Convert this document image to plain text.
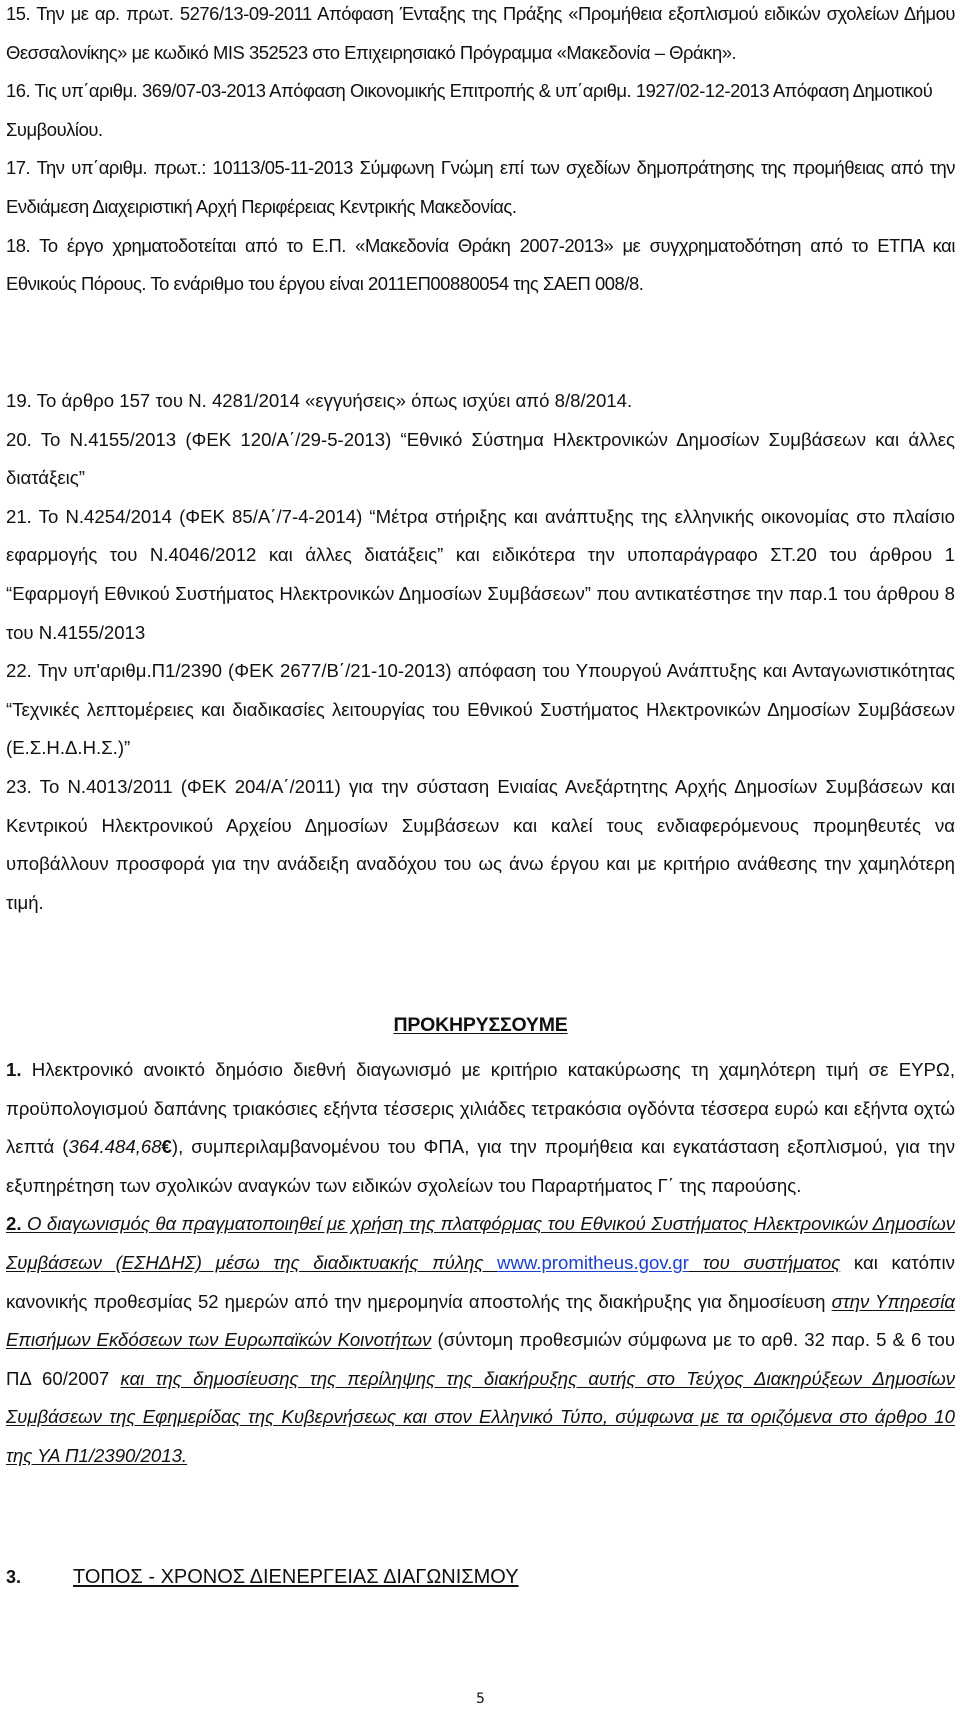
15. Την με αρ. πρωτ. 5276/13-09-2011 Απόφαση Ένταξης της Πράξης «Προμήθεια εξοπλισμού ειδικών σχολείων Δήμου Θεσσαλονίκης» με κωδικό MIS 352523 στο Επιχειρησιακό Πρόγραμμα «Μακεδονία – Θράκη».

16. Τις υπ΄αριθμ. 369/07-03-2013 Απόφαση Οικονομικής Επιτροπής & υπ΄αριθμ. 1927/02-12-2013 Απόφαση Δημοτικού Συμβουλίου.

17. Την υπ΄αριθμ. πρωτ.: 10113/05-11-2013 Σύμφωνη Γνώμη επί των σχεδίων δημοπράτησης της προμήθειας από την Ενδιάμεση Διαχειριστική Αρχή Περιφέρειας Κεντρικής Μακεδονίας.

18. Το έργο χρηματοδοτείται από το Ε.Π. «Μακεδονία Θράκη 2007-2013» με συγχρηματοδότηση από το ΕΤΠΑ και Εθνικούς Πόρους. Το ενάριθμο του έργου είναι 2011ΕΠ00880054 της ΣΑΕΠ 008/8.

19. Το άρθρο 157 του Ν. 4281/2014 «εγγυήσεις» όπως ισχύει από 8/8/2014.

20. Το Ν.4155/2013 (ΦΕΚ 120/Α΄/29-5-2013) “Εθνικό Σύστημα Ηλεκτρονικών Δημοσίων Συμβάσεων και άλλες διατάξεις”

21. Το Ν.4254/2014 (ΦΕΚ 85/Α΄/7-4-2014) “Μέτρα στήριξης και ανάπτυξης της ελληνικής οικονομίας στο πλαίσιο εφαρμογής του Ν.4046/2012 και άλλες διατάξεις” και ειδικότερα την υποπαράγραφο ΣΤ.20 του άρθρου 1 “Εφαρμογή Εθνικού Συστήματος Ηλεκτρονικών Δημοσίων Συμβάσεων” που αντικατέστησε την παρ.1 του άρθρου 8 του Ν.4155/2013

22. Την υπ'αριθμ.Π1/2390 (ΦΕΚ 2677/Β΄/21-10-2013) απόφαση του Υπουργού Ανάπτυξης και Ανταγωνιστικότητας “Τεχνικές λεπτομέρειες και διαδικασίες λειτουργίας του Εθνικού Συστήματος Ηλεκτρονικών Δημοσίων Συμβάσεων (Ε.Σ.Η.Δ.Η.Σ.)”

23. Το Ν.4013/2011 (ΦΕΚ 204/Α΄/2011) για την σύσταση Ενιαίας Ανεξάρτητης Αρχής Δημοσίων Συμβάσεων και Κεντρικού Ηλεκτρονικού Αρχείου Δημοσίων Συμβάσεων και καλεί τους ενδιαφερόμενους προμηθευτές να υποβάλλουν προσφορά για την ανάδειξη αναδόχου του ως άνω έργου και με κριτήριο ανάθεσης την χαμηλότερη τιμή.

ΠΡΟΚΗΡΥΣΣΟΥΜΕ

1. Ηλεκτρονικό ανοικτό δημόσιο διεθνή διαγωνισμό με κριτήριο κατακύρωσης τη χαμηλότερη τιμή σε ΕΥΡΩ, προϋπολογισμού δαπάνης τριακόσιες εξήντα τέσσερις χιλιάδες τετρακόσια ογδόντα τέσσερα ευρώ και εξήντα οχτώ λεπτά (364.484,68€), συμπεριλαμβανομένου του ΦΠΑ, για την προμήθεια και εγκατάσταση εξοπλισμού, για την εξυπηρέτηση των σχολικών αναγκών των ειδικών σχολείων του Παραρτήματος Γ΄ της παρούσης.

2. Ο διαγωνισμός θα πραγματοποιηθεί με χρήση της πλατφόρμας του Εθνικού Συστήματος Ηλεκτρονικών Δημοσίων Συμβάσεων (ΕΣΗΔΗΣ) μέσω της διαδικτυακής πύλης www.promitheus.gov.gr του συστήματος και κατόπιν κανονικής προθεσμίας 52 ημερών από την ημερομηνία αποστολής της διακήρυξης για δημοσίευση στην Υπηρεσία Επισήμων Εκδόσεων των Ευρωπαϊκών Κοινοτήτων (σύντομη προθεσμιών σύμφωνα με το αρθ. 32 παρ. 5 & 6 του ΠΔ 60/2007 και της δημοσίευσης της περίληψης της διακήρυξης αυτής στο Τεύχος Διακηρύξεων Δημοσίων Συμβάσεων της Εφημερίδας της Κυβερνήσεως και στον Ελληνικό Τύπο, σύμφωνα με τα οριζόμενα στο άρθρο 10 της ΥΑ Π1/2390/2013.

3.	ΤΟΠΟΣ - ΧΡΟΝΟΣ ΔΙΕΝΕΡΓΕΙΑΣ ΔΙΑΓΩΝΙΣΜΟΥ
5
